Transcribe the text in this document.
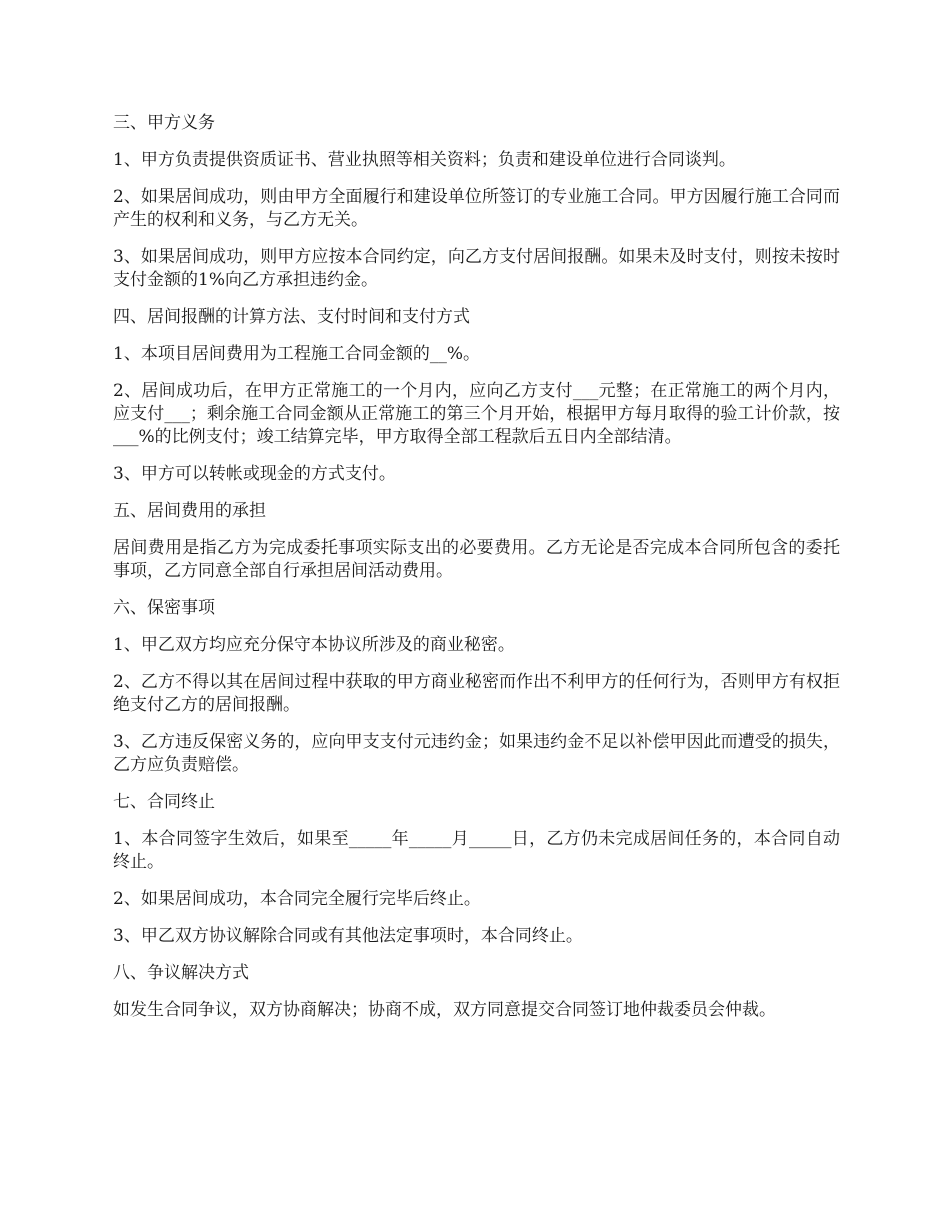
三、甲方义务
1、甲方负责提供资质证书、营业执照等相关资料；负责和建设单位进行合同谈判。
2、如果居间成功，则由甲方全面履行和建设单位所签订的专业施工合同。甲方因履行施工合同而产生的权利和义务，与乙方无关。
3、如果居间成功，则甲方应按本合同约定，向乙方支付居间报酬。如果未及时支付，则按未按时支付金额的1%向乙方承担违约金。
四、居间报酬的计算方法、支付时间和支付方式
1、本项目居间费用为工程施工合同金额的__%。
2、居间成功后，在甲方正常施工的一个月内，应向乙方支付___元整；在正常施工的两个月内，应支付___；剩余施工合同金额从正常施工的第三个月开始，根据甲方每月取得的验工计价款，按___%的比例支付；竣工结算完毕，甲方取得全部工程款后五日内全部结清。
3、甲方可以转帐或现金的方式支付。
五、居间费用的承担
居间费用是指乙方为完成委托事项实际支出的必要费用。乙方无论是否完成本合同所包含的委托事项，乙方同意全部自行承担居间活动费用。
六、保密事项
1、甲乙双方均应充分保守本协议所涉及的商业秘密。
2、乙方不得以其在居间过程中获取的甲方商业秘密而作出不利甲方的任何行为，否则甲方有权拒绝支付乙方的居间报酬。
3、乙方违反保密义务的，应向甲支支付元违约金；如果违约金不足以补偿甲因此而遭受的损失，乙方应负责赔偿。
七、合同终止
1、本合同签字生效后，如果至_____年_____月_____日，乙方仍未完成居间任务的，本合同自动终止。
2、如果居间成功，本合同完全履行完毕后终止。
3、甲乙双方协议解除合同或有其他法定事项时，本合同终止。
八、争议解决方式
如发生合同争议，双方协商解决；协商不成，双方同意提交合同签订地仲裁委员会仲裁。
